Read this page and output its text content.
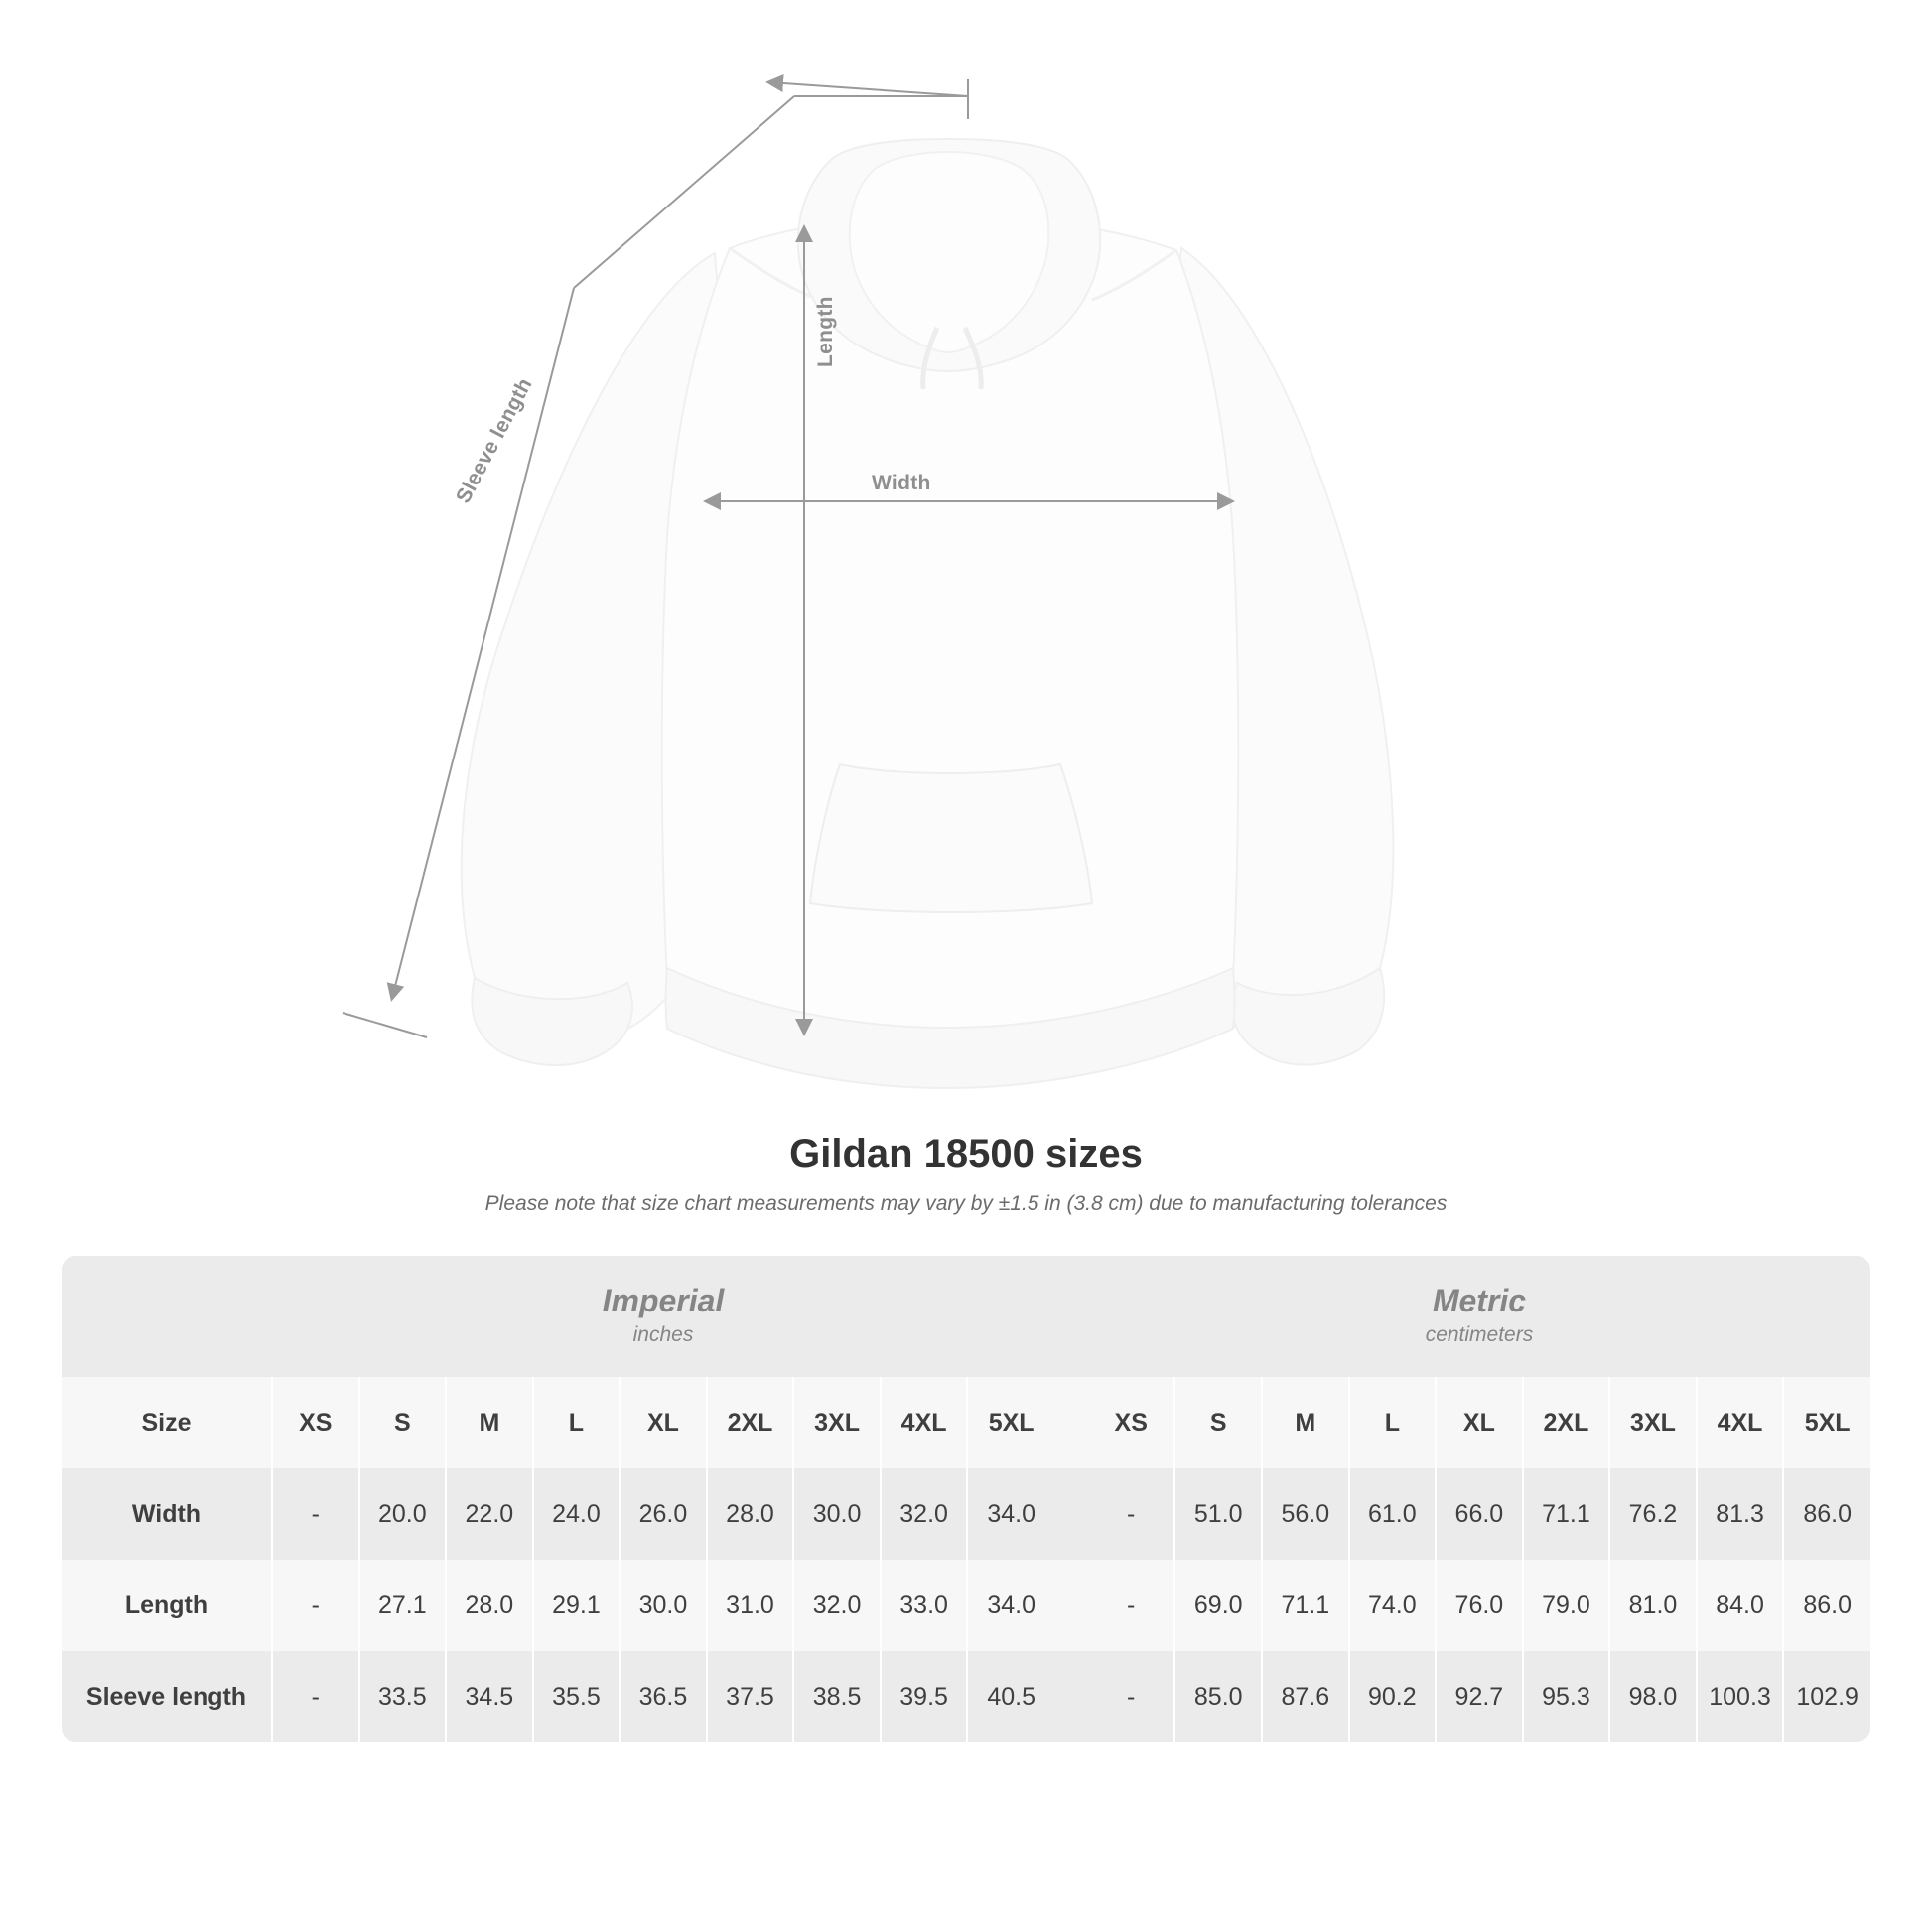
Length
Width
Sleeve length
Gildan 18500 sizes

Please note that size chart measurements may vary by ±1.5 in (3.8 cm) due to manufacturing tolerances

Imperial
inches

Metric
centimeters

Size	XS	S	M	L	XL	2XL	3XL	4XL	5XL		XS	S	M	L	XL	2XL	3XL	4XL	5XL
Width	-	20.0	22.0	24.0	26.0	28.0	30.0	32.0	34.0		-	51.0	56.0	61.0	66.0	71.1	76.2	81.3	86.0
Length	-	27.1	28.0	29.1	30.0	31.0	32.0	33.0	34.0		-	69.0	71.1	74.0	76.0	79.0	81.0	84.0	86.0
Sleeve length	-	33.5	34.5	35.5	36.5	37.5	38.5	39.5	40.5		-	85.0	87.6	90.2	92.7	95.3	98.0	100.3	102.9
